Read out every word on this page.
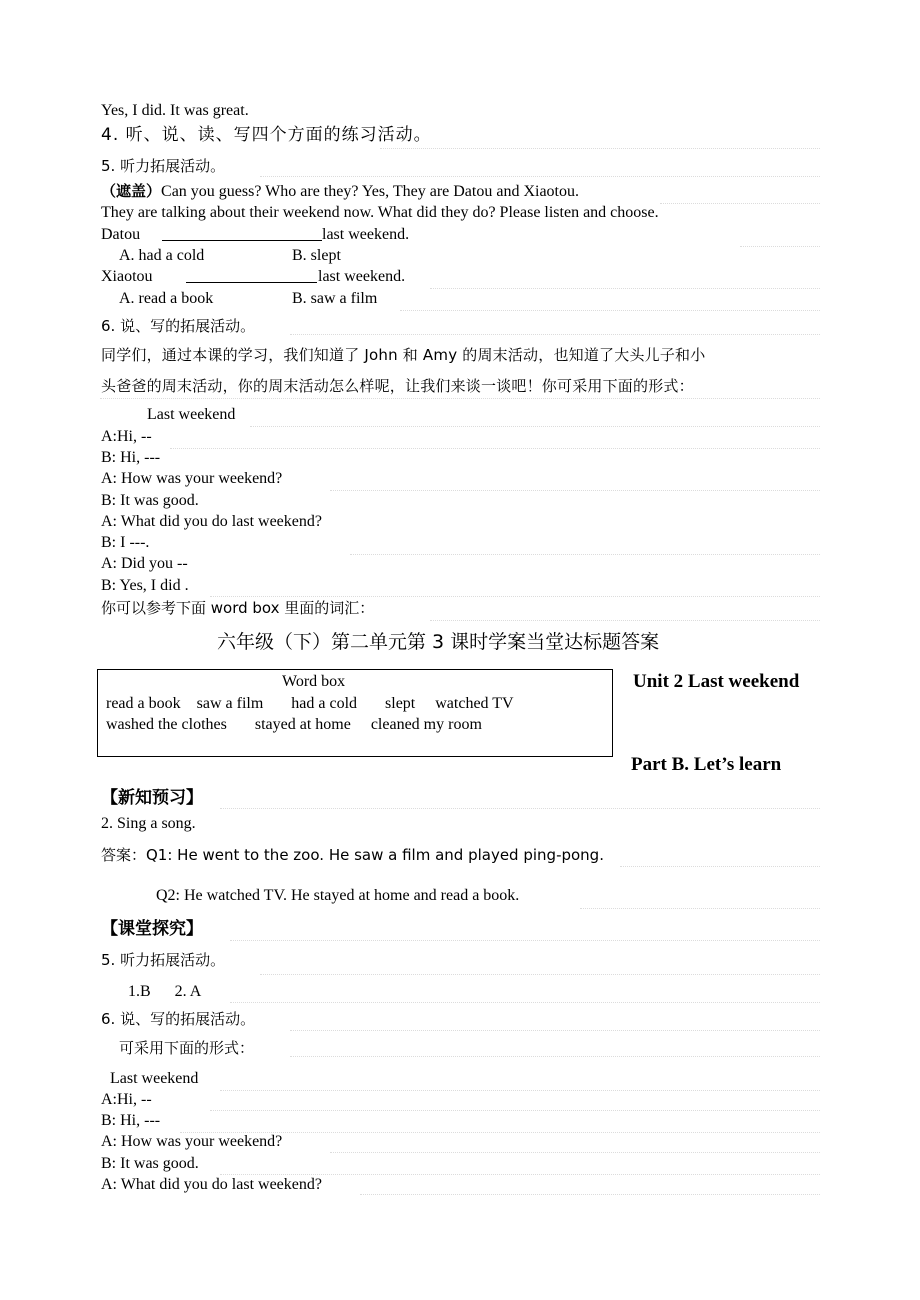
Yes, I did. It was great.
4. 听、说、读、写四个方面的练习活动。
5. 听力拓展活动。
（遮盖）Can you guess? Who are they? Yes, They are Datou and Xiaotou.
They are talking about their weekend now. What did they do? Please listen and choose.
Datou	last weekend.
A. had a cold	B. slept
Xiaotou	last weekend.
A. read a book	B. saw a film
6. 说、写的拓展活动。
同学们，通过本课的学习，我们知道了 John 和 Amy 的周末活动，也知道了大头儿子和小
头爸爸的周末活动，你的周末活动怎么样呢，让我们来谈一谈吧！你可采用下面的形式：
Last weekend
A:Hi, --
B: Hi, ---
A: How was your weekend?
B: It was good.
A: What did you do last weekend?
B: I ---.
A: Did you --
B: Yes, I did .
你可以参考下面 word box 里面的词汇：
六年级（下）第二单元第 3 课时学案当堂达标题答案
Word box
read a book    saw a film       had a cold       slept     watched TV
washed the clothes       stayed at home     cleaned my room
Unit 2 Last weekend
Part B. Let’s learn
【新知预习】
2. Sing a song.
答案：Q1: He went to the zoo. He saw a film and played ping-pong.
Q2: He watched TV. He stayed at home and read a book.
【课堂探究】
5. 听力拓展活动。
1.B      2. A
6. 说、写的拓展活动。
可采用下面的形式：
Last weekend
A:Hi, --
B: Hi, ---
A: How was your weekend?
B: It was good.
A: What did you do last weekend?
